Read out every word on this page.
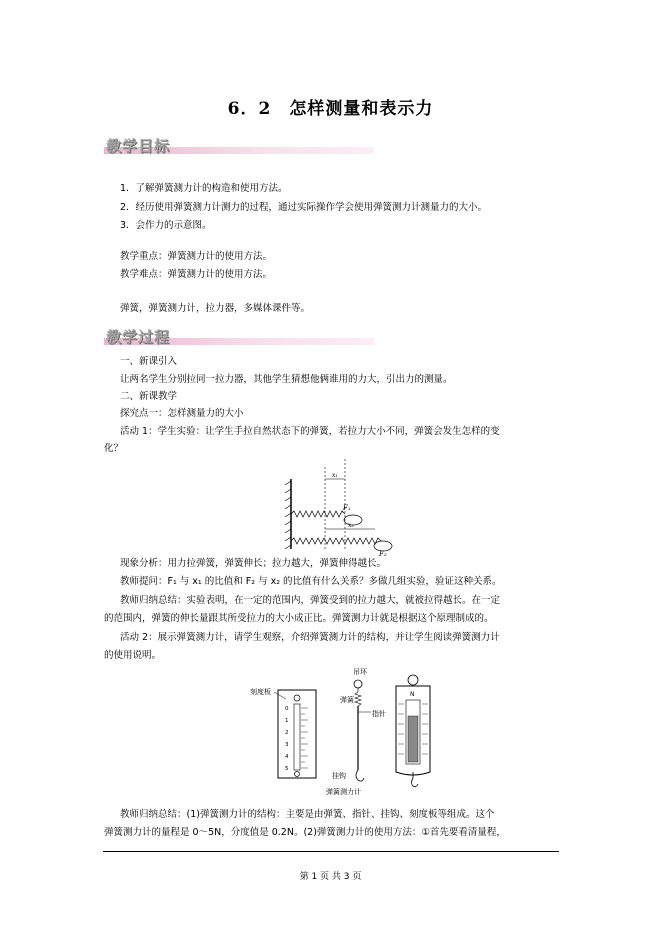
6．2　怎样测量和表示力
教学目标
1．了解弹簧测力计的构造和使用方法。
2．经历使用弹簧测力计测力的过程，通过实际操作学会使用弹簧测力计测量力的大小。
3．会作力的示意图。
教学重点：弹簧测力计的使用方法。
教学难点：弹簧测力计的使用方法。
弹簧，弹簧测力计，拉力器，多媒体课件等。
教学过程
一、新课引入
让两名学生分别拉同一拉力器，其他学生猜想他俩谁用的力大，引出力的测量。
二、新课教学
探究点一：怎样测量力的大小
活动 1：学生实验：让学生手拉自然状态下的弹簧，若拉力大小不同，弹簧会发生怎样的变
化？
x₁
x₂
F₁
F₂
现象分析：用力拉弹簧，弹簧伸长；拉力越大，弹簧伸得越长。
教师提问：F₁ 与 x₁ 的比值和 F₂ 与 x₂ 的比值有什么关系？多做几组实验，验证这种关系。
教师归纳总结：实验表明，在一定的范围内，弹簧受到的拉力越大，就被拉得越长。在一定
的范围内，弹簧的伸长量跟其所受拉力的大小成正比。弹簧测力计就是根据这个原理制成的。
活动 2：展示弹簧测力计，请学生观察，介绍弹簧测力计的结构，并让学生阅读弹簧测力计
的使用说明。
刻度板
0
1
2
3
4
5
吊环
弹簧
指针
挂钩
N
弹簧测力计
教师归纳总结：(1)弹簧测力计的结构：主要是由弹簧、指针、挂钩、刻度板等组成。这个
弹簧测力计的量程是 0～5N，分度值是 0.2N。(2)弹簧测力计的使用方法：①首先要看清量程，
第 1 页 共 3 页
